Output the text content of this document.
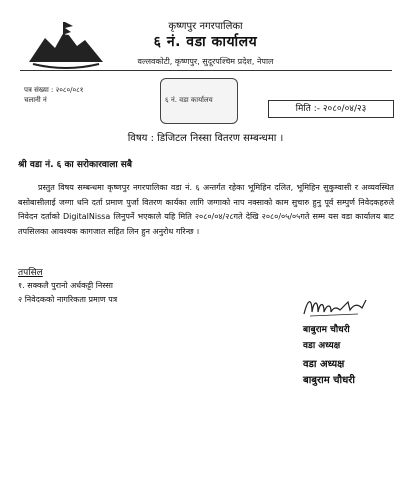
कृष्णपुर नगरपालिका
६ नं. वडा कार्यालय
वल्लवकोटी, कृष्णपुर, सुदूरपश्चिम प्रदेश, नेपाल
पत्र संख्या : २०८०/०८१
चलानी नं	६ नं. वडा कार्यालय
मिति :- २०८०/०४/२३
विषय : डिजिटल निस्सा वितरण सम्बन्धमा ।
श्री वडा नं. ६ का सरोकारवाला सबै
प्रस्तुत विषय सम्बन्धमा कृष्णपुर नगरपालिका वडा नं. ६ अन्तर्गत रहेका भूमिहिन दलित, भूमिहिन सुकुम्वासी र अव्यवस्थित बसोबासीलाई जग्गा धनि दर्ता प्रमाण पुर्जा वितरण कार्यका लागि जग्गाको नाप नक्साको काम सुचारु हुनु पूर्व सम्पुर्ण निवेदकहरुले निवेदन दर्ताको DigitalNissa लिनुपर्ने भएकाले यहि मिति २०८०/०४/२८गते देखि २०८०/०५/०५गते सम्म यस वडा कार्यालय बाट तपसिलका आवश्यक कागजात सहित लिन हुन अनुरोध गरिन्छ ।
तपसिल
१. सक्कलै पुरानो अर्धकट्टी निस्सा
२ निवेदकको नागरिकता प्रमाण पत्र
बाबुराम चौधरी
वडा अध्यक्ष
वडा अध्यक्ष
बाबुराम चौधरी
